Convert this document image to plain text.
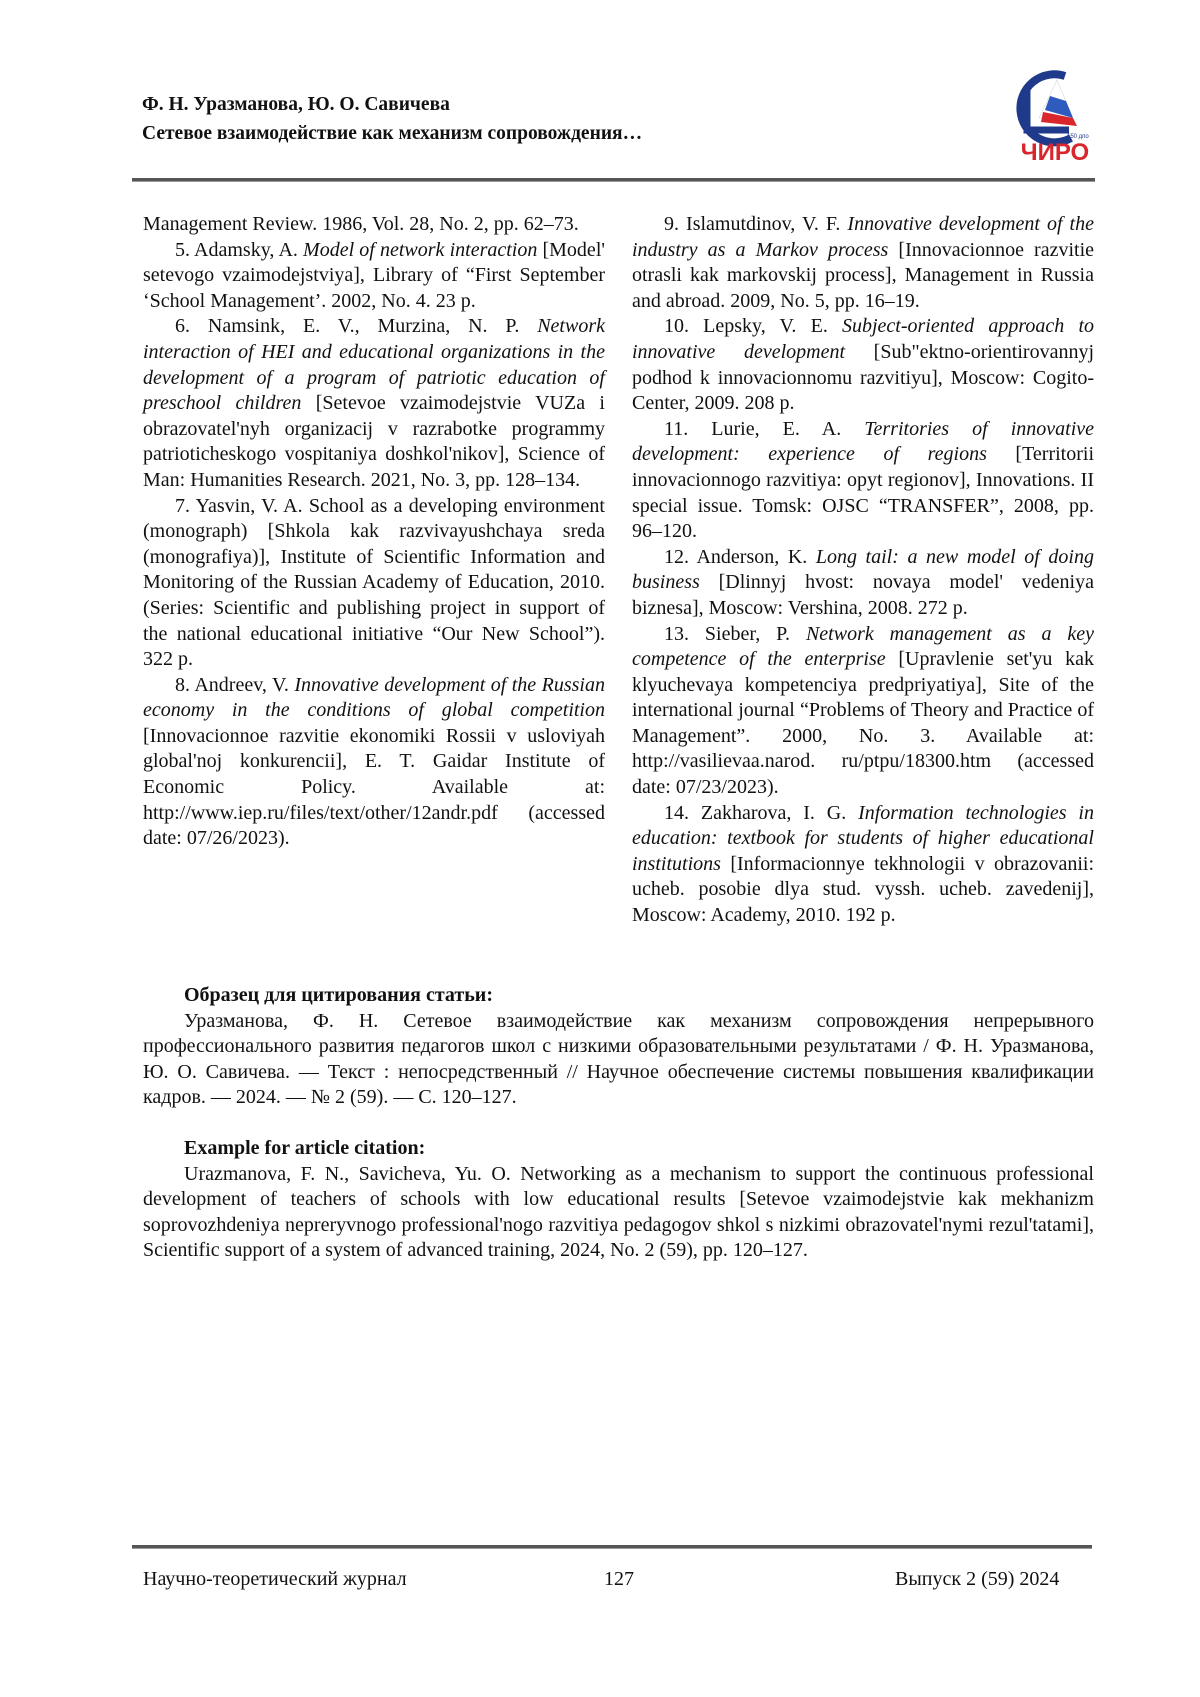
Ф. Н. Уразманова, Ю. О. Савичева
Сетевое взаимодействие как механизм сопровождения…	150 дпо
ЧИРО

Management Review. 1986, Vol. 28, No. 2, pp. 62–73.

5. Adamsky, A. Model of network interaction [Model' setevogo vzaimodejstviya], Library of “First September ‘School Management’. 2002, No. 4. 23 p.

6. Namsink, E. V., Murzina, N. P. Network interaction of HEI and educational organizations in the development of a program of patriotic education of preschool children [Setevoe vzaimodejstvie VUZa i obrazovatel'nyh organizacij v razrabotke programmy patrioticheskogo vospitaniya doshkol'nikov], Science of Man: Humanities Research. 2021, No. 3, pp. 128–134.

7. Yasvin, V. A. School as a developing environment (monograph) [Shkola kak razvivayushchaya sreda (monografiya)], Institute of Scientific Information and Monitoring of the Russian Academy of Education, 2010. (Series: Scientific and publishing project in support of the national educational initiative “Our New School”). 322 p.

8. Andreev, V. Innovative development of the Russian economy in the conditions of global competition [Innovacionnoe razvitie ekonomiki Rossii v usloviyah global'noj konkurencii], E. T. Gaidar Institute of Economic Policy. Available at: http://www.iep.ru/files/text/other/12andr.pdf (accessed date: 07/26/2023).

9. Islamutdinov, V. F. Innovative development of the industry as a Markov process [Innovacionnoe razvitie otrasli kak markovskij process], Management in Russia and abroad. 2009, No. 5, pp. 16–19.

10. Lepsky, V. E. Subject-oriented approach to innovative development [Sub"ektno-orientirovannyj podhod k innovacionnomu razvitiyu], Moscow: Cogito-Center, 2009. 208 p.

11. Lurie, E. A. Territories of innovative development: experience of regions [Territorii innovacionnogo razvitiya: opyt regionov], Innovations. II special issue. Tomsk: OJSC “TRANSFER”, 2008, pp. 96–120.

12. Anderson, K. Long tail: a new model of doing business [Dlinnyj hvost: novaya model' vedeniya biznesa], Moscow: Vershina, 2008. 272 p.

13. Sieber, P. Network management as a key competence of the enterprise [Upravlenie set'yu kak klyuchevaya kompetenciya predpriyatiya], Site of the international journal “Problems of Theory and Practice of Management”. 2000, No. 3. Available at: http://vasilievaa.narod. ru/ptpu/18300.htm (accessed date: 07/23/2023).

14. Zakharova, I. G. Information technologies in education: textbook for students of higher educational institutions [Informacionnye tekhnologii v obrazovanii: ucheb. posobie dlya stud. vyssh. ucheb. zavedenij], Moscow: Academy, 2010. 192 p.

Образец для цитирования статьи:

Уразманова, Ф. Н. Сетевое взаимодействие как механизм сопровождения непрерывного профессионального развития педагогов школ с низкими образовательными результатами / Ф. Н. Уразманова, Ю. О. Савичева. — Текст : непосредственный // Научное обеспечение системы повышения квалификации кадров. — 2024. — № 2 (59). — С. 120–127.

Example for article citation:

Urazmanova, F. N., Savicheva, Yu. O. Networking as a mechanism to support the continuous professional development of teachers of schools with low educational results [Setevoe vzaimodejstvie kak mekhanizm soprovozhdeniya nepreryvnogo professional'nogo razvitiya pedagogov shkol s nizkimi obrazovatel'nymi rezul'tatami], Scientific support of a system of advanced training, 2024, No. 2 (59), pp. 120–127.

Научно-теоретический журнал	127	Выпуск 2 (59) 2024
